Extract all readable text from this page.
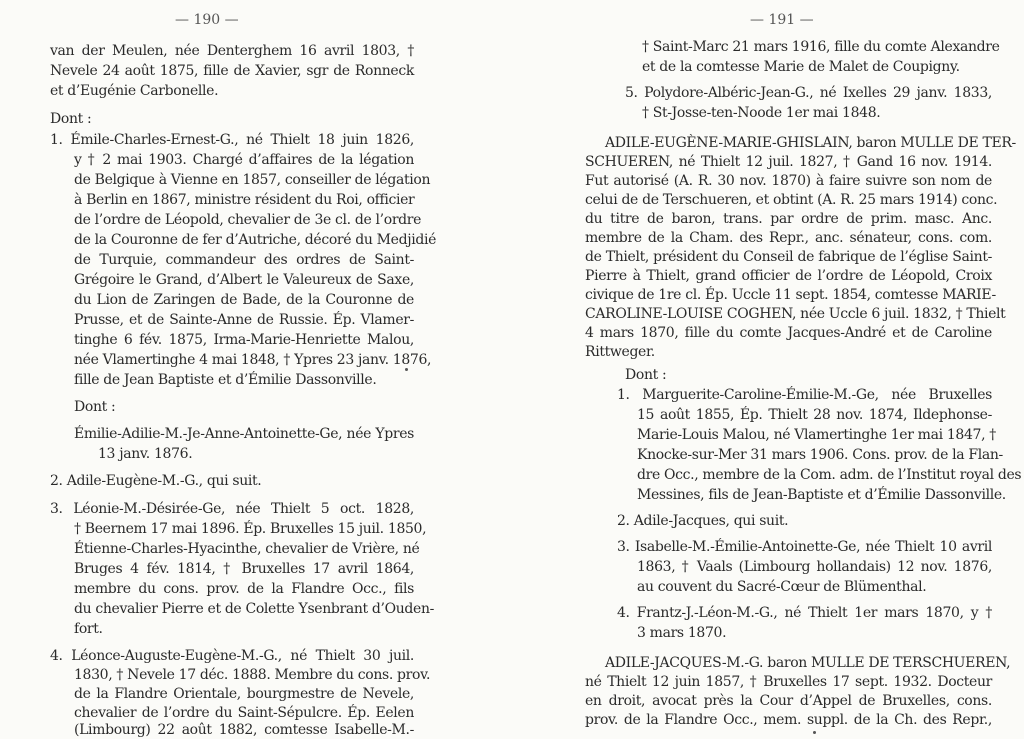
— 190 —
van der Meulen, née Denterghem 16 avril 1803, †
Nevele 24 août 1875, fille de Xavier, sgr de Ronneck
et d’Eugénie Carbonelle.
Dont :
1. Émile-Charles-Ernest-G., né Thielt 18 juin 1826,
y † 2 mai 1903. Chargé d’affaires de la légation
de Belgique à Vienne en 1857, conseiller de légation
à Berlin en 1867, ministre résident du Roi, officier
de l’ordre de Léopold, chevalier de 3e cl. de l’ordre
de la Couronne de fer d’Autriche, décoré du Medjidié
de Turquie, commandeur des ordres de Saint-
Grégoire le Grand, d’Albert le Valeureux de Saxe,
du Lion de Zaringen de Bade, de la Couronne de
Prusse, et de Sainte-Anne de Russie. Ép. Vlamer-
tinghe 6 fév. 1875, Irma-Marie-Henriette Malou,
née Vlamertinghe 4 mai 1848, † Ypres 23 janv. 1876,
fille de Jean Baptiste et d’Émilie Dassonville.
Dont :
Émilie-Adilie-M.-Je-Anne-Antoinette-Ge, née Ypres
13 janv. 1876.
2. Adile-Eugène-M.-G., qui suit.
3. Léonie-M.-Désirée-Ge, née Thielt 5 oct. 1828,
† Beernem 17 mai 1896. Ép. Bruxelles 15 juil. 1850,
Étienne-Charles-Hyacinthe, chevalier de Vrière, né
Bruges 4 fév. 1814, † Bruxelles 17 avril 1864,
membre du cons. prov. de la Flandre Occ., fils
du chevalier Pierre et de Colette Ysenbrant d’Ouden-
fort.
4. Léonce-Auguste-Eugène-M.-G., né Thielt 30 juil.
1830, † Nevele 17 déc. 1888. Membre du cons. prov.
de la Flandre Orientale, bourgmestre de Nevele,
chevalier de l’ordre du Saint-Sépulcre. Ép. Eelen
(Limbourg) 22 août 1882, comtesse Isabelle-M.-
— 191 —
† Saint-Marc 21 mars 1916, fille du comte Alexandre
et de la comtesse Marie de Malet de Coupigny.
5. Polydore-Albéric-Jean-G., né Ixelles 29 janv. 1833,
† St-Josse-ten-Noode 1er mai 1848.
ADILE-EUGÈNE-MARIE-GHISLAIN, baron MULLE DE TER-
SCHUEREN, né Thielt 12 juil. 1827, † Gand 16 nov. 1914.
Fut autorisé (A. R. 30 nov. 1870) à faire suivre son nom de
celui de de Terschueren, et obtint (A. R. 25 mars 1914) conc.
du titre de baron, trans. par ordre de prim. masc. Anc.
membre de la Cham. des Repr., anc. sénateur, cons. com.
de Thielt, président du Conseil de fabrique de l’église Saint-
Pierre à Thielt, grand officier de l’ordre de Léopold, Croix
civique de 1re cl. Ép. Uccle 11 sept. 1854, comtesse MARIE-
CAROLINE-LOUISE COGHEN, née Uccle 6 juil. 1832, † Thielt
4 mars 1870, fille du comte Jacques-André et de Caroline
Rittweger.
Dont :
1. Marguerite-Caroline-Émilie-M.-Ge, née Bruxelles
15 août 1855, Ép. Thielt 28 nov. 1874, Ildephonse-
Marie-Louis Malou, né Vlamertinghe 1er mai 1847, †
Knocke-sur-Mer 31 mars 1906. Cons. prov. de la Flan-
dre Occ., membre de la Com. adm. de l’Institut royal des
Messines, fils de Jean-Baptiste et d’Émilie Dassonville.
2. Adile-Jacques, qui suit.
3. Isabelle-M.-Émilie-Antoinette-Ge, née Thielt 10 avril
1863, † Vaals (Limbourg hollandais) 12 nov. 1876,
au couvent du Sacré-Cœur de Blümenthal.
4. Frantz-J.-Léon-M.-G., né Thielt 1er mars 1870, y †
3 mars 1870.
ADILE-JACQUES-M.-G. baron MULLE DE TERSCHUEREN,
né Thielt 12 juin 1857, † Bruxelles 17 sept. 1932. Docteur
en droit, avocat près la Cour d’Appel de Bruxelles, cons.
prov. de la Flandre Occ., mem. suppl. de la Ch. des Repr.,
